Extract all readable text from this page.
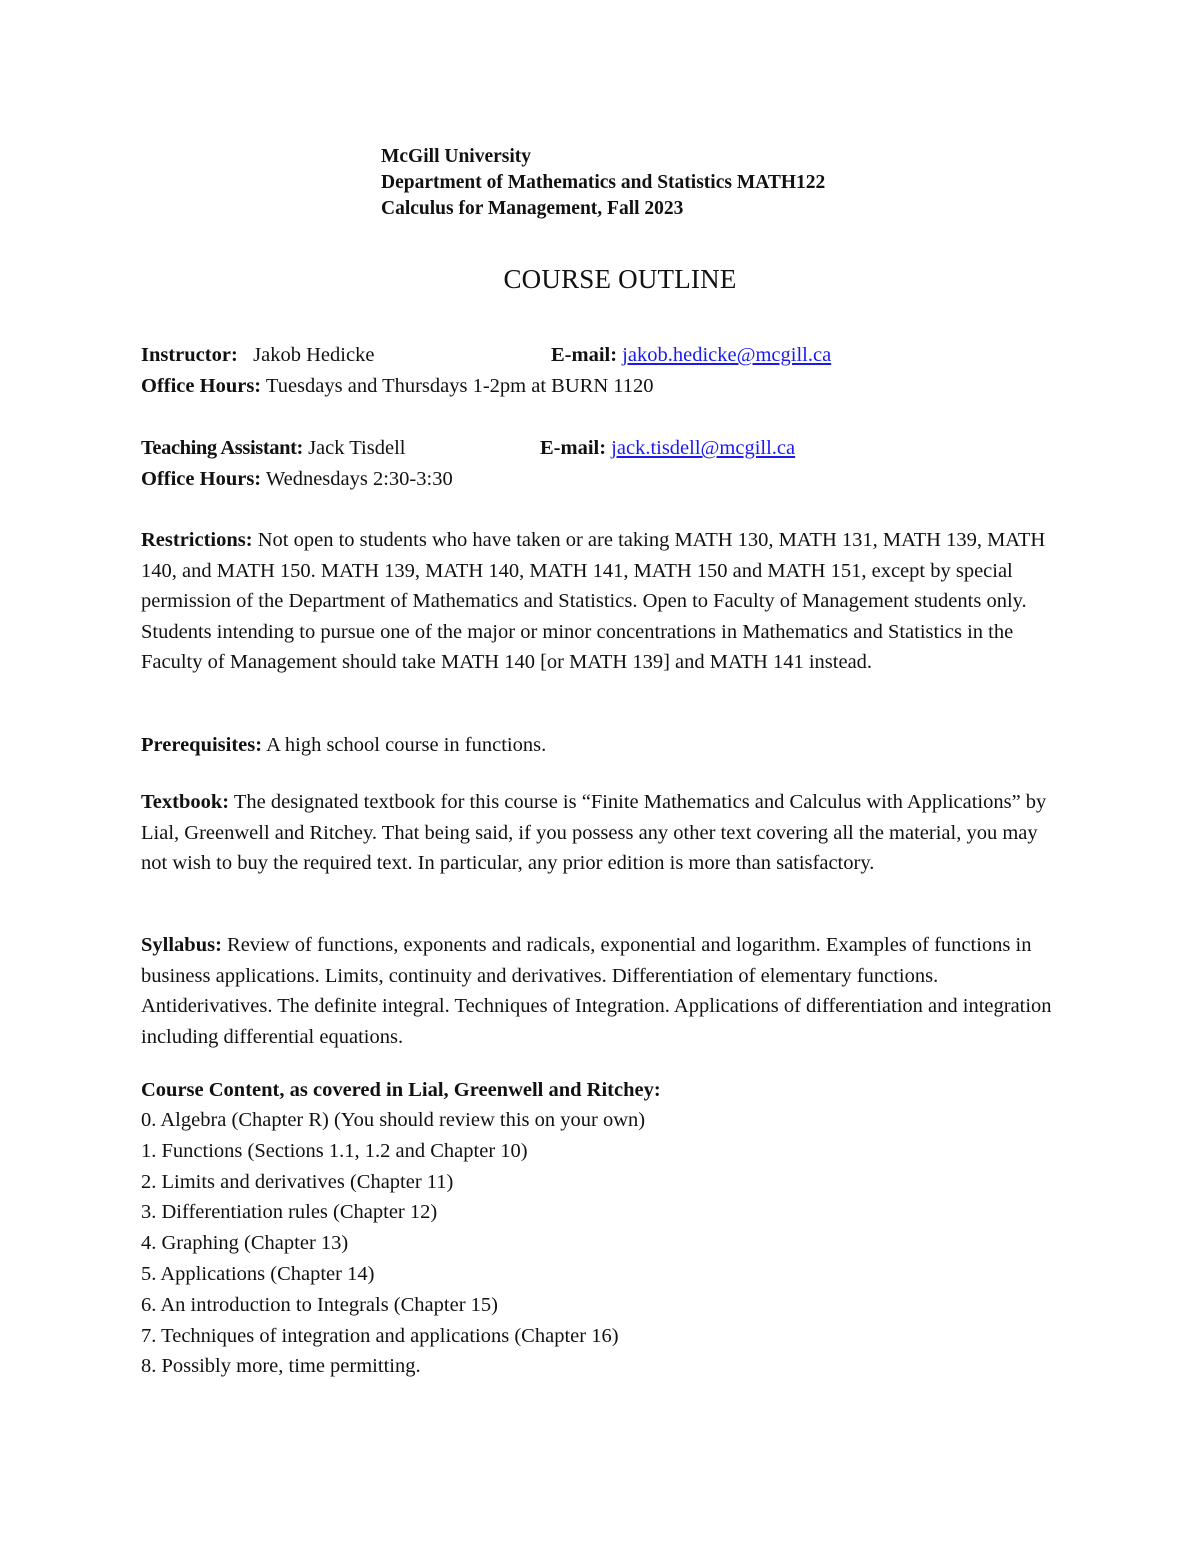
McGill University
Department of Mathematics and Statistics MATH122
Calculus for Management, Fall 2023
COURSE OUTLINE
Instructor: Jakob Hedicke	E-mail: jakob.hedicke@mcgill.ca
Office Hours: Tuesdays and Thursdays 1-2pm at BURN 1120
Teaching Assistant: Jack Tisdell	E-mail: jack.tisdell@mcgill.ca
Office Hours: Wednesdays 2:30-3:30
Restrictions: Not open to students who have taken or are taking MATH 130, MATH 131, MATH 139, MATH 140, and MATH 150. MATH 139, MATH 140, MATH 141, MATH 150 and MATH 151, except by special permission of the Department of Mathematics and Statistics. Open to Faculty of Management students only. Students intending to pursue one of the major or minor concentrations in Mathematics and Statistics in the Faculty of Management should take MATH 140 [or MATH 139] and MATH 141 instead.
Prerequisites: A high school course in functions.
Textbook: The designated textbook for this course is “Finite Mathematics and Calculus with Applications” by Lial, Greenwell and Ritchey. That being said, if you possess any other text covering all the material, you may not wish to buy the required text. In particular, any prior edition is more than satisfactory.
Syllabus: Review of functions, exponents and radicals, exponential and logarithm. Examples of functions in business applications. Limits, continuity and derivatives. Differentiation of elementary functions. Antiderivatives. The definite integral. Techniques of Integration. Applications of differentiation and integration including differential equations.
Course Content, as covered in Lial, Greenwell and Ritchey:
0. Algebra (Chapter R) (You should review this on your own)
1. Functions (Sections 1.1, 1.2 and Chapter 10)
2. Limits and derivatives (Chapter 11)
3. Differentiation rules (Chapter 12)
4. Graphing (Chapter 13)
5. Applications (Chapter 14)
6. An introduction to Integrals (Chapter 15)
7. Techniques of integration and applications (Chapter 16)
8. Possibly more, time permitting.
